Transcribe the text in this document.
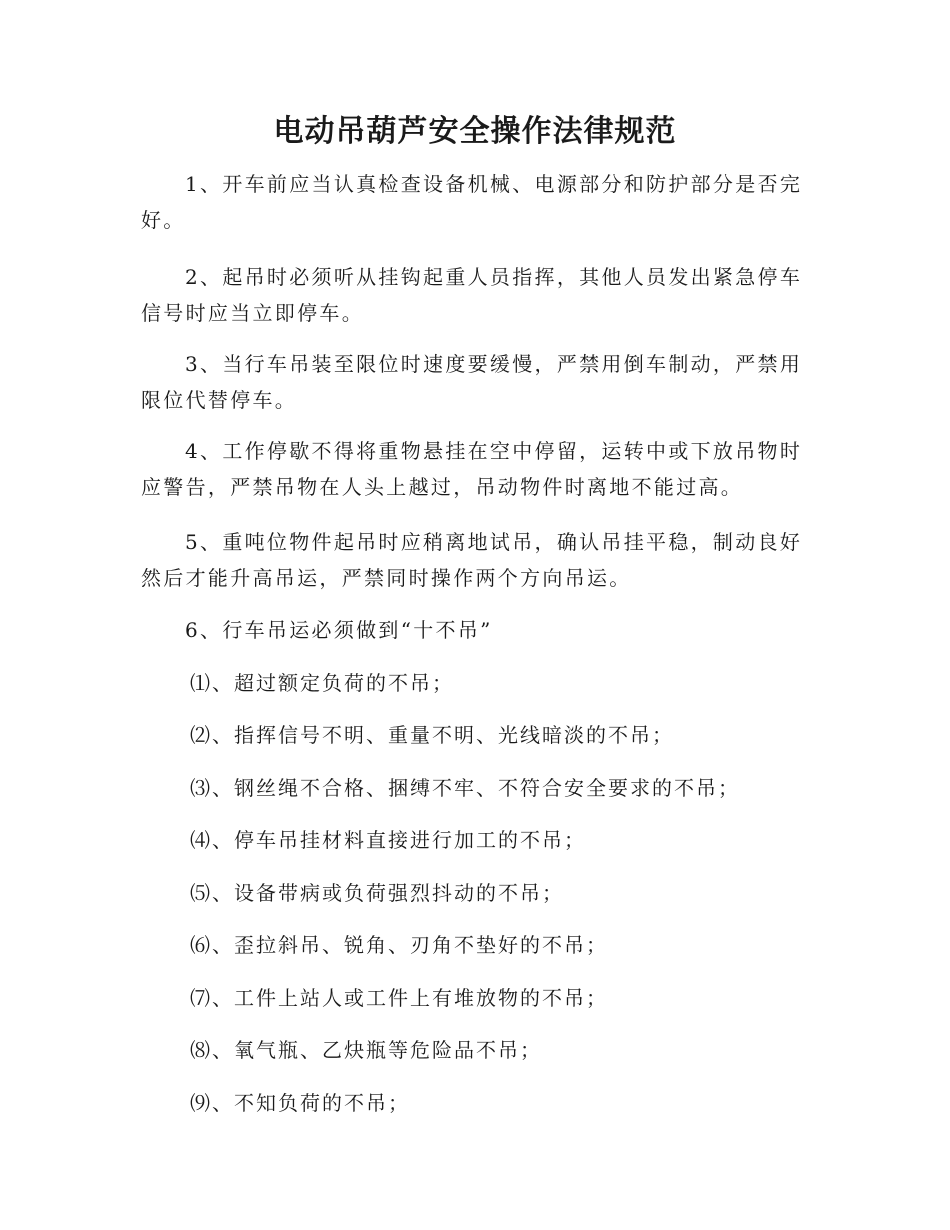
电动吊葫芦安全操作法律规范
1、开车前应当认真检查设备机械、电源部分和防护部分是否完好。
2、起吊时必须听从挂钩起重人员指挥，其他人员发出紧急停车信号时应当立即停车。
3、当行车吊装至限位时速度要缓慢，严禁用倒车制动，严禁用限位代替停车。
4、工作停歇不得将重物悬挂在空中停留，运转中或下放吊物时应警告，严禁吊物在人头上越过，吊动物件时离地不能过高。
5、重吨位物件起吊时应稍离地试吊，确认吊挂平稳，制动良好然后才能升高吊运，严禁同时操作两个方向吊运。
6、行车吊运必须做到“十不吊”
⑴、超过额定负荷的不吊；
⑵、指挥信号不明、重量不明、光线暗淡的不吊；
⑶、钢丝绳不合格、捆缚不牢、不符合安全要求的不吊；
⑷、停车吊挂材料直接进行加工的不吊；
⑸、设备带病或负荷强烈抖动的不吊；
⑹、歪拉斜吊、锐角、刃角不垫好的不吊；
⑺、工件上站人或工件上有堆放物的不吊；
⑻、氧气瓶、乙炔瓶等危险品不吊；
⑼、不知负荷的不吊；
